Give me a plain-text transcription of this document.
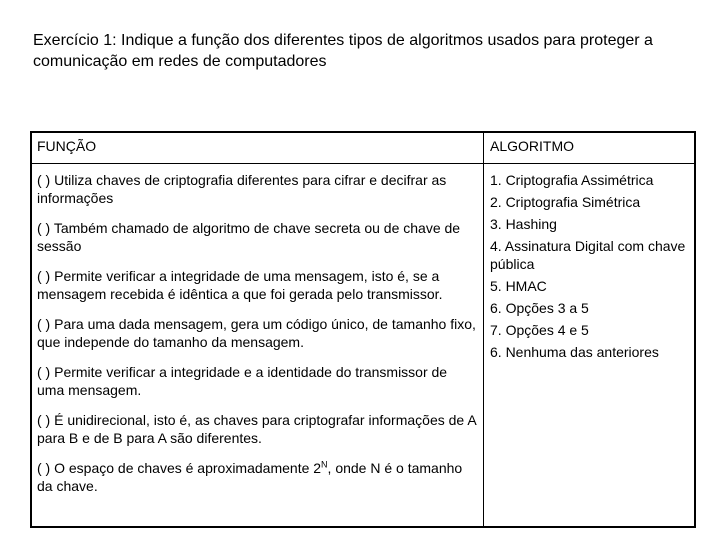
Exercício 1: Indique a função dos diferentes tipos de algoritmos usados para proteger a comunicação em redes de computadores
FUNÇÃO	ALGORITMO

( ) Utiliza chaves de criptografia diferentes para cifrar e decifrar as informações

( ) Também chamado de algoritmo de chave secreta ou de chave de sessão

( ) Permite verificar a integridade de uma mensagem, isto é, se a mensagem recebida é idêntica a que foi gerada pelo transmissor.

( ) Para uma dada mensagem, gera um código único, de tamanho fixo, que independe do tamanho da mensagem.

( ) Permite verificar a integridade e a identidade do transmissor de uma mensagem.

( ) É unidirecional, isto é, as chaves para criptografar informações de A para B e de B para A são diferentes.

( ) O espaço de chaves é aproximadamente $2^N$, onde N é o tamanho da chave.

1. Criptografia Assimétrica

2. Criptografia Simétrica

3. Hashing

4. Assinatura Digital com chave pública

5. HMAC

6. Opções 3 a 5

7. Opções 4 e 5

6. Nenhuma das anteriores
